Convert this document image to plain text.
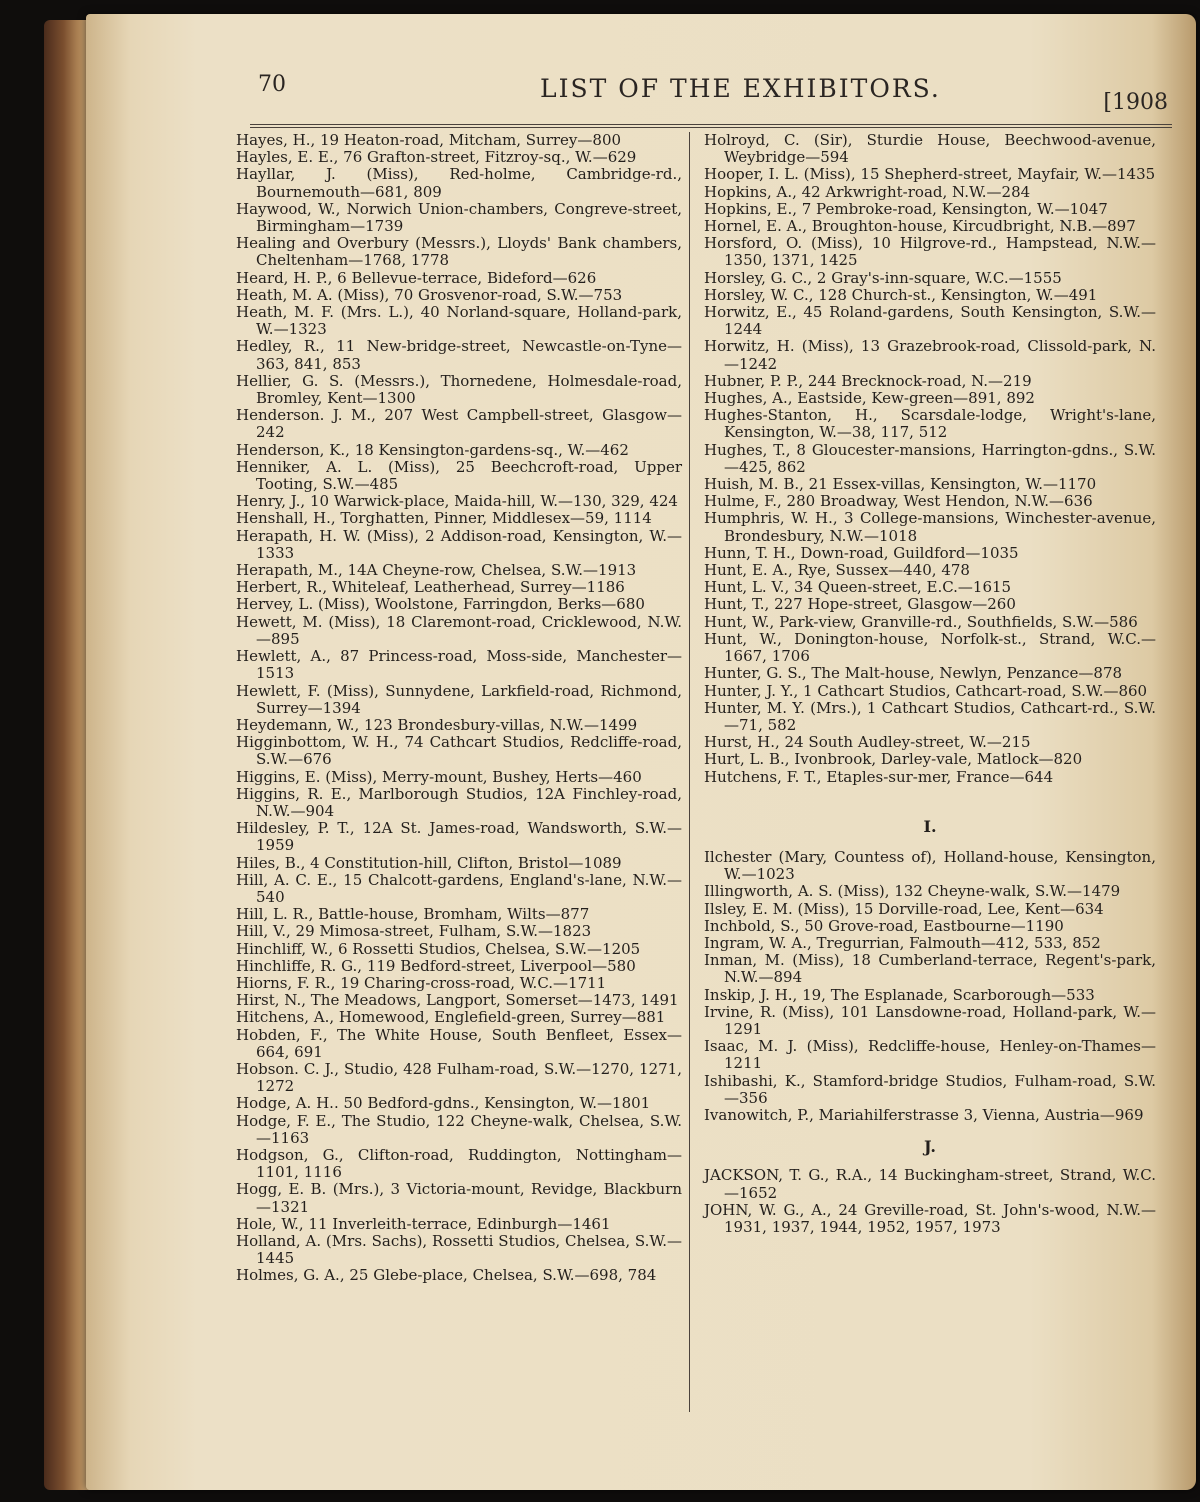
70	LIST OF THE EXHIBITORS.	[1908
Hayes, H., 19 Heaton-road, Mitcham, Surrey—800
Hayles, E. E., 76 Grafton-street, Fitzroy-sq., W.—629
Hayllar, J. (Miss), Red-holme, Cambridge-rd., Bournemouth—681, 809
Haywood, W., Norwich Union-chambers, Congreve-street, Birmingham—1739
Healing and Overbury (Messrs.), Lloyds' Bank chambers, Cheltenham—1768, 1778
Heard, H. P., 6 Bellevue-terrace, Bideford—626
Heath, M. A. (Miss), 70 Grosvenor-road, S.W.—753
Heath, M. F. (Mrs. L.), 40 Norland-square, Holland-park, W.—1323
Hedley, R., 11 New-bridge-street, Newcastle-on-Tyne—363, 841, 853
Hellier, G. S. (Messrs.), Thornedene, Holmesdale-road, Bromley, Kent—1300
Henderson. J. M., 207 West Campbell-street, Glasgow—242
Henderson, K., 18 Kensington-gardens-sq., W.—462
Henniker, A. L. (Miss), 25 Beechcroft-road, Upper Tooting, S.W.—485
Henry, J., 10 Warwick-place, Maida-hill, W.—130, 329, 424
Henshall, H., Torghatten, Pinner, Middlesex—59, 1114
Herapath, H. W. (Miss), 2 Addison-road, Kensington, W.—1333
Herapath, M., 14A Cheyne-row, Chelsea, S.W.—1913
Herbert, R., Whiteleaf, Leatherhead, Surrey—1186
Hervey, L. (Miss), Woolstone, Farringdon, Berks—680
Hewett, M. (Miss), 18 Claremont-road, Cricklewood, N.W.—895
Hewlett, A., 87 Princess-road, Moss-side, Manchester—1513
Hewlett, F. (Miss), Sunnydene, Larkfield-road, Richmond, Surrey—1394
Heydemann, W., 123 Brondesbury-villas, N.W.—1499
Higginbottom, W. H., 74 Cathcart Studios, Redcliffe-road, S.W.—676
Higgins, E. (Miss), Merry-mount, Bushey, Herts—460
Higgins, R. E., Marlborough Studios, 12A Finchley-road, N.W.—904
Hildesley, P. T., 12A St. James-road, Wandsworth, S.W.—1959
Hiles, B., 4 Constitution-hill, Clifton, Bristol—1089
Hill, A. C. E., 15 Chalcott-gardens, England's-lane, N.W.—540
Hill, L. R., Battle-house, Bromham, Wilts—877
Hill, V., 29 Mimosa-street, Fulham, S.W.—1823
Hinchliff, W., 6 Rossetti Studios, Chelsea, S.W.—1205
Hinchliffe, R. G., 119 Bedford-street, Liverpool—580
Hiorns, F. R., 19 Charing-cross-road, W.C.—1711
Hirst, N., The Meadows, Langport, Somerset—1473, 1491
Hitchens, A., Homewood, Englefield-green, Surrey—881
Hobden, F., The White House, South Benfleet, Essex—664, 691
Hobson. C. J., Studio, 428 Fulham-road, S.W.—1270, 1271, 1272
Hodge, A. H.. 50 Bedford-gdns., Kensington, W.—1801
Hodge, F. E., The Studio, 122 Cheyne-walk, Chelsea, S.W.—1163
Hodgson, G., Clifton-road, Ruddington, Nottingham—1101, 1116
Hogg, E. B. (Mrs.), 3 Victoria-mount, Revidge, Blackburn—1321
Hole, W., 11 Inverleith-terrace, Edinburgh—1461
Holland, A. (Mrs. Sachs), Rossetti Studios, Chelsea, S.W.—1445
Holmes, G. A., 25 Glebe-place, Chelsea, S.W.—698, 784
Holroyd, C. (Sir), Sturdie House, Beechwood-avenue, Weybridge—594
Hooper, I. L. (Miss), 15 Shepherd-street, Mayfair, W.—1435
Hopkins, A., 42 Arkwright-road, N.W.—284
Hopkins, E., 7 Pembroke-road, Kensington, W.—1047
Hornel, E. A., Broughton-house, Kircudbright, N.B.—897
Horsford, O. (Miss), 10 Hilgrove-rd., Hampstead, N.W.—1350, 1371, 1425
Horsley, G. C., 2 Gray's-inn-square, W.C.—1555
Horsley, W. C., 128 Church-st., Kensington, W.—491
Horwitz, E., 45 Roland-gardens, South Kensington, S.W.—1244
Horwitz, H. (Miss), 13 Grazebrook-road, Clissold-park, N.—1242
Hubner, P. P., 244 Brecknock-road, N.—219
Hughes, A., Eastside, Kew-green—891, 892
Hughes-Stanton, H., Scarsdale-lodge, Wright's-lane, Kensington, W.—38, 117, 512
Hughes, T., 8 Gloucester-mansions, Harrington-gdns., S.W.—425, 862
Huish, M. B., 21 Essex-villas, Kensington, W.—1170
Hulme, F., 280 Broadway, West Hendon, N.W.—636
Humphris, W. H., 3 College-mansions, Winchester-avenue, Brondesbury, N.W.—1018
Hunn, T. H., Down-road, Guildford—1035
Hunt, E. A., Rye, Sussex—440, 478
Hunt, L. V., 34 Queen-street, E.C.—1615
Hunt, T., 227 Hope-street, Glasgow—260
Hunt, W., Park-view, Granville-rd., Southfields, S.W.—586
Hunt, W., Donington-house, Norfolk-st., Strand, W.C.—1667, 1706
Hunter, G. S., The Malt-house, Newlyn, Penzance—878
Hunter, J. Y., 1 Cathcart Studios, Cathcart-road, S.W.—860
Hunter, M. Y. (Mrs.), 1 Cathcart Studios, Cathcart-rd., S.W.—71, 582
Hurst, H., 24 South Audley-street, W.—215
Hurt, L. B., Ivonbrook, Darley-vale, Matlock—820
Hutchens, F. T., Etaples-sur-mer, France—644
I.
Ilchester (Mary, Countess of), Holland-house, Kensington, W.—1023
Illingworth, A. S. (Miss), 132 Cheyne-walk, S.W.—1479
Ilsley, E. M. (Miss), 15 Dorville-road, Lee, Kent—634
Inchbold, S., 50 Grove-road, Eastbourne—1190
Ingram, W. A., Tregurrian, Falmouth—412, 533, 852
Inman, M. (Miss), 18 Cumberland-terrace, Regent's-park, N.W.—894
Inskip, J. H., 19, The Esplanade, Scarborough—533
Irvine, R. (Miss), 101 Lansdowne-road, Holland-park, W.—1291
Isaac, M. J. (Miss), Redcliffe-house, Henley-on-Thames—1211
Ishibashi, K., Stamford-bridge Studios, Fulham-road, S.W.—356
Ivanowitch, P., Mariahilferstrasse 3, Vienna, Austria—969
J.
JACKSON, T. G., R.A., 14 Buckingham-street, Strand, W.C.—1652
JOHN, W. G., A., 24 Greville-road, St. John's-wood, N.W.—1931, 1937, 1944, 1952, 1957, 1973
